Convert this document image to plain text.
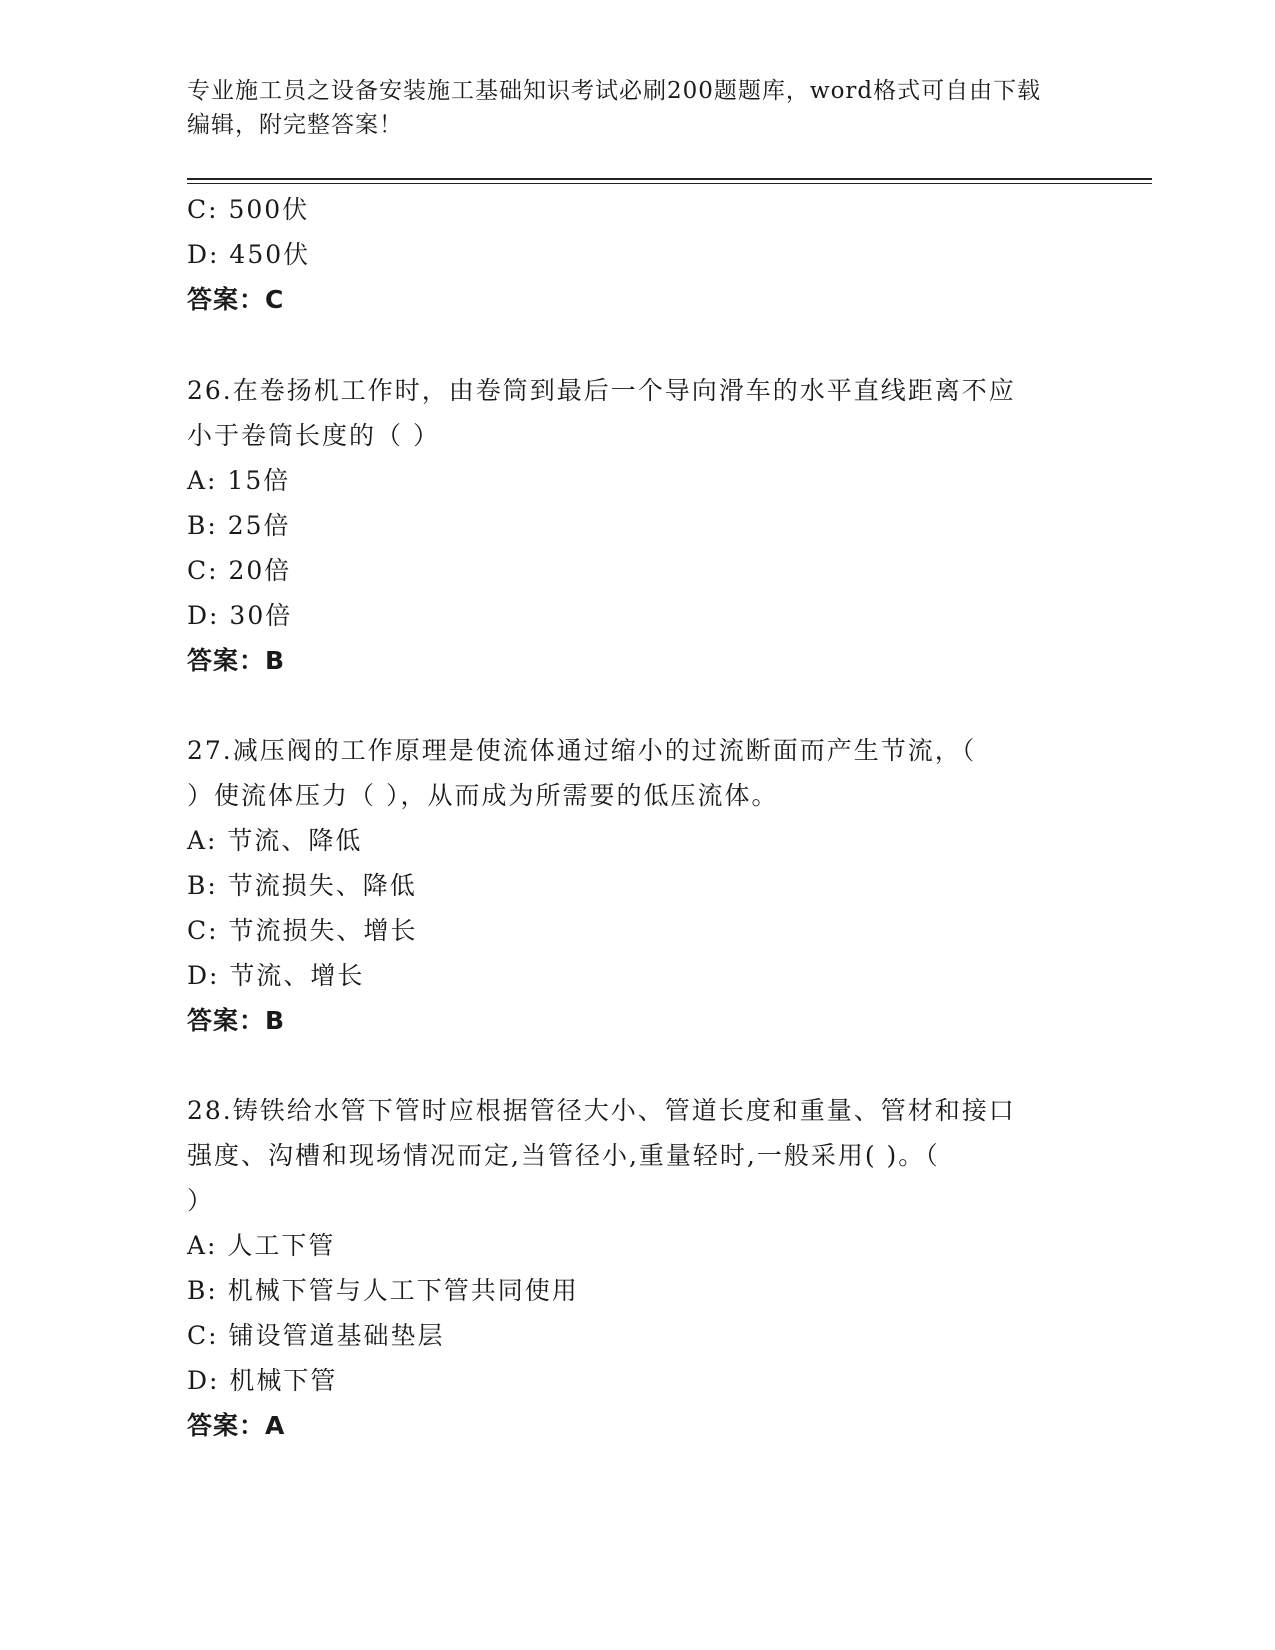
专业施工员之设备安装施工基础知识考试必刷200题题库，word格式可自由下载
编辑，附完整答案！
C: 500伏
D: 450伏
答案：C
26.在卷扬机工作时，由卷筒到最后一个导向滑车的水平直线距离不应
小于卷筒长度的（ ）
A: 15倍
B: 25倍
C: 20倍
D: 30倍
答案：B
27.减压阀的工作原理是使流体通过缩小的过流断面而产生节流，（
）使流体压力（ ），从而成为所需要的低压流体。
A: 节流、降低
B: 节流损失、降低
C: 节流损失、增长
D: 节流、增长
答案：B
28.铸铁给水管下管时应根据管径大小、管道长度和重量、管材和接口
强度、沟槽和现场情况而定,当管径小,重量轻时,一般采用( )。（
）
A: 人工下管
B: 机械下管与人工下管共同使用
C: 铺设管道基础垫层
D: 机械下管
答案：A
